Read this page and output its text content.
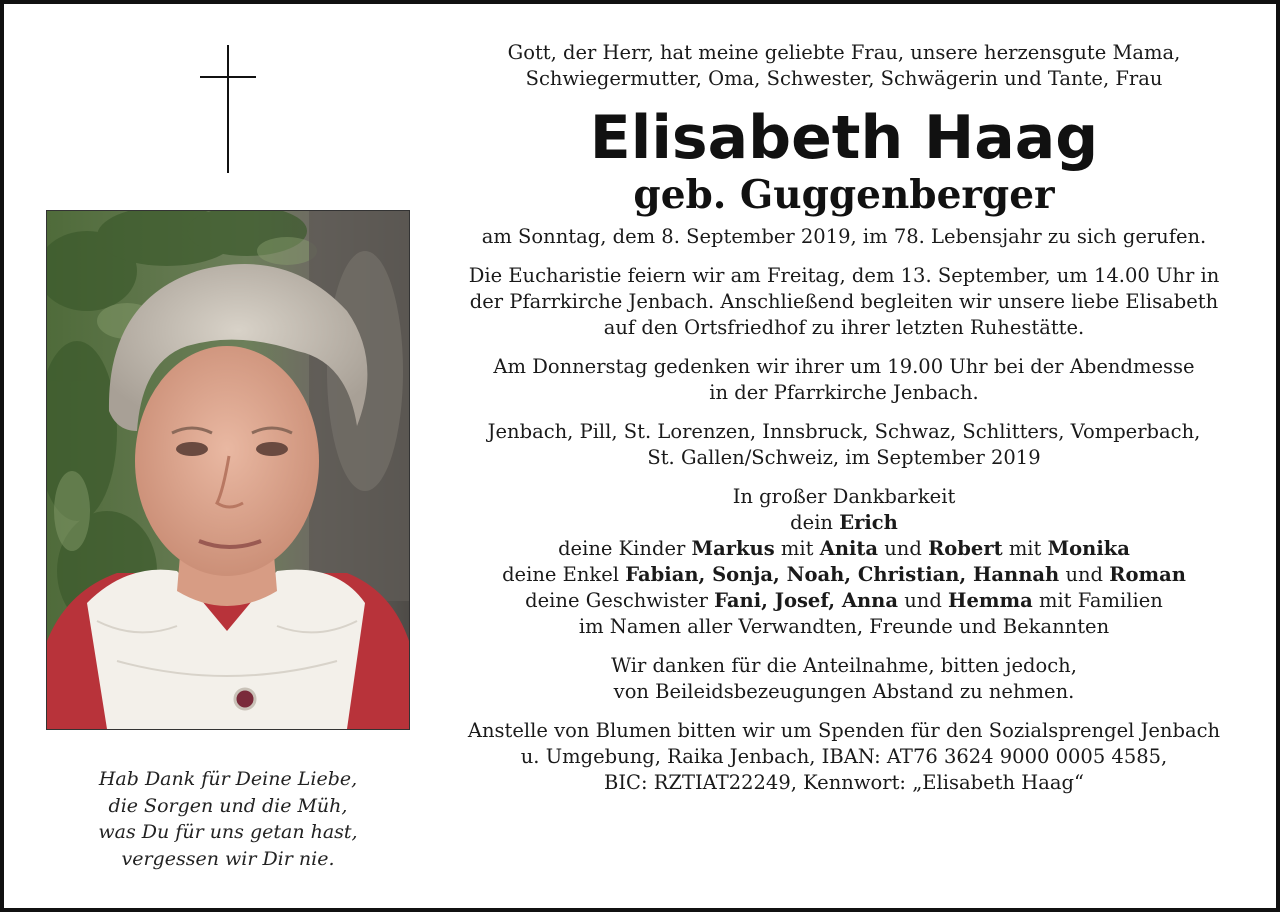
Hab Dank für Deine Liebe,
die Sorgen und die Müh,
was Du für uns getan hast,
vergessen wir Dir nie.
Gott, der Herr, hat meine geliebte Frau, unsere herzensgute Mama,
Schwiegermutter, Oma, Schwester, Schwägerin und Tante, Frau
Elisabeth Haag
geb. Guggenberger
am Sonntag, dem 8. September 2019, im 78. Lebensjahr zu sich gerufen.
Die Eucharistie feiern wir am Freitag, dem 13. September, um 14.00 Uhr in
der Pfarrkirche Jenbach. Anschließend begleiten wir unsere liebe Elisabeth
auf den Ortsfriedhof zu ihrer letzten Ruhestätte.
Am Donnerstag gedenken wir ihrer um 19.00 Uhr bei der Abendmesse
in der Pfarrkirche Jenbach.
Jenbach, Pill, St. Lorenzen, Innsbruck, Schwaz, Schlitters, Vomperbach,
St. Gallen/Schweiz, im September 2019
In großer Dankbarkeit
dein Erich
deine Kinder Markus mit Anita und Robert mit Monika
deine Enkel Fabian, Sonja, Noah, Christian, Hannah und Roman
deine Geschwister Fani, Josef, Anna und Hemma mit Familien
im Namen aller Verwandten, Freunde und Bekannten
Wir danken für die Anteilnahme, bitten jedoch,
von Beileidsbezeugungen Abstand zu nehmen.
Anstelle von Blumen bitten wir um Spenden für den Sozialsprengel Jenbach
u. Umgebung, Raika Jenbach, IBAN: AT76 3624 9000 0005 4585,
BIC: RZTIAT22249, Kennwort: „Elisabeth Haag“
